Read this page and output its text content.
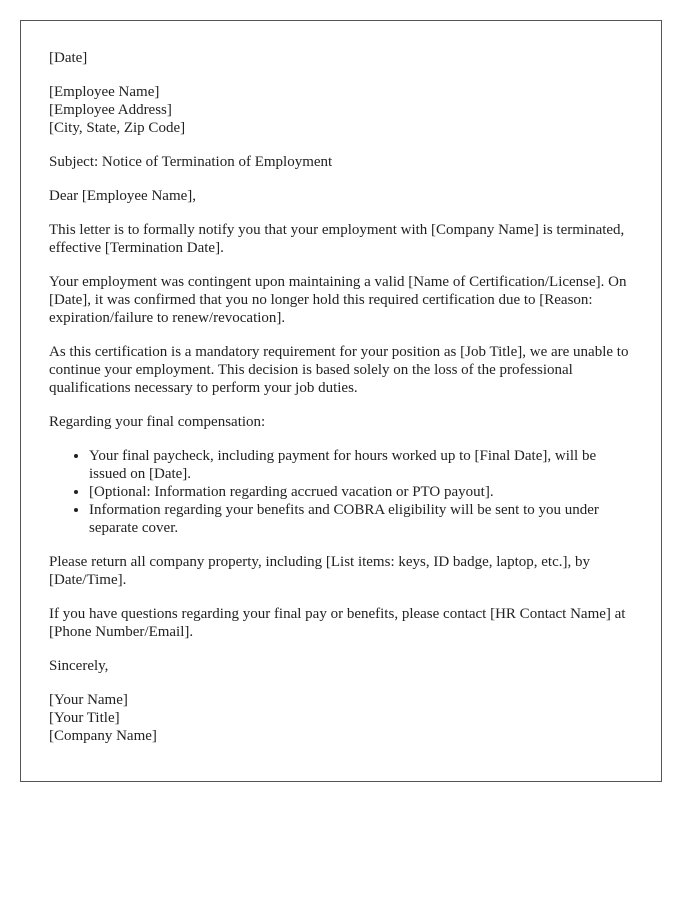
[Date]

[Employee Name]
[Employee Address]
[City, State, Zip Code]

Subject: Notice of Termination of Employment

Dear [Employee Name],

This letter is to formally notify you that your employment with [Company Name] is terminated, effective [Termination Date].

Your employment was contingent upon maintaining a valid [Name of Certification/License]. On [Date], it was confirmed that you no longer hold this required certification due to [Reason: expiration/failure to renew/revocation].

As this certification is a mandatory requirement for your position as [Job Title], we are unable to continue your employment. This decision is based solely on the loss of the professional qualifications necessary to perform your job duties.

Regarding your final compensation:

• Your final paycheck, including payment for hours worked up to [Final Date], will be issued on [Date].
• [Optional: Information regarding accrued vacation or PTO payout].
• Information regarding your benefits and COBRA eligibility will be sent to you under separate cover.

Please return all company property, including [List items: keys, ID badge, laptop, etc.], by [Date/Time].

If you have questions regarding your final pay or benefits, please contact [HR Contact Name] at [Phone Number/Email].

Sincerely,

[Your Name]
[Your Title]
[Company Name]
